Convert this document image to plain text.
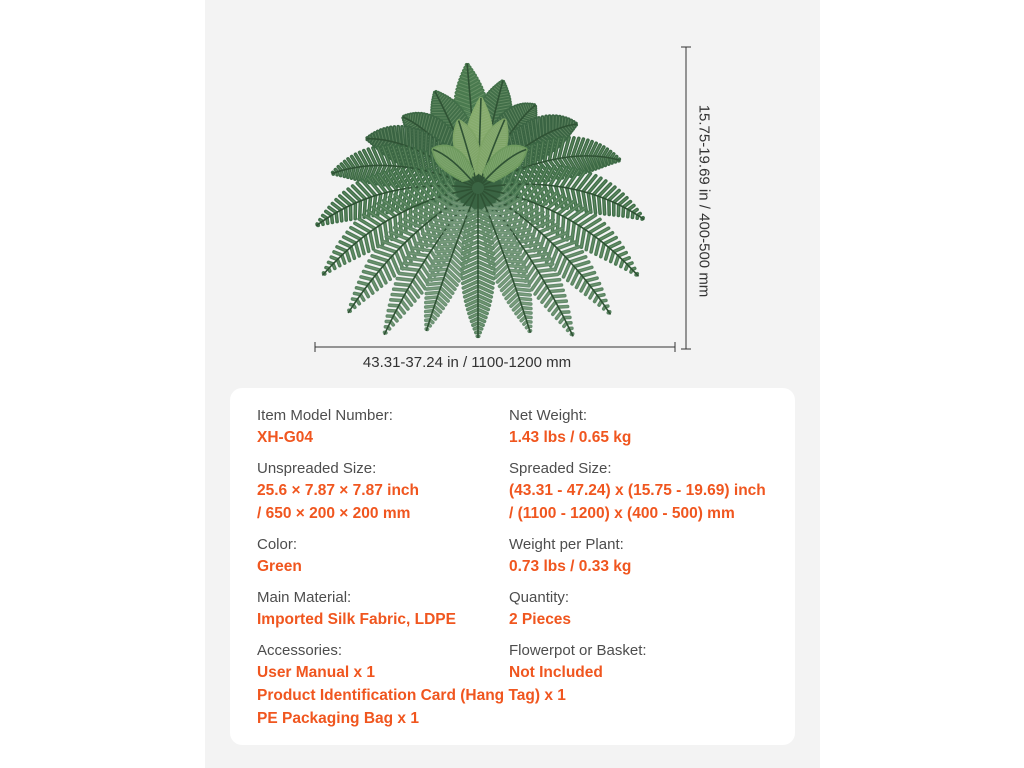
15.75-19.69 in / 400-500 mm
43.31-37.24 in / 1100-1200 mm
Item Model Number:
XH-G04
Net Weight:
1.43 lbs / 0.65 kg
Unspreaded Size:
25.6 × 7.87 × 7.87 inch
/ 650 × 200 × 200 mm
Spreaded Size:
(43.31 - 47.24) x (15.75 - 19.69) inch
/ (1100 - 1200) x (400 - 500) mm
Color:
Green
Weight per Plant:
0.73 lbs / 0.33 kg
Main Material:
Imported Silk Fabric, LDPE
Quantity:
2 Pieces
Accessories:
User Manual x 1
Product Identification Card (Hang Tag) x 1
PE Packaging Bag x 1
Flowerpot or Basket:
Not Included
